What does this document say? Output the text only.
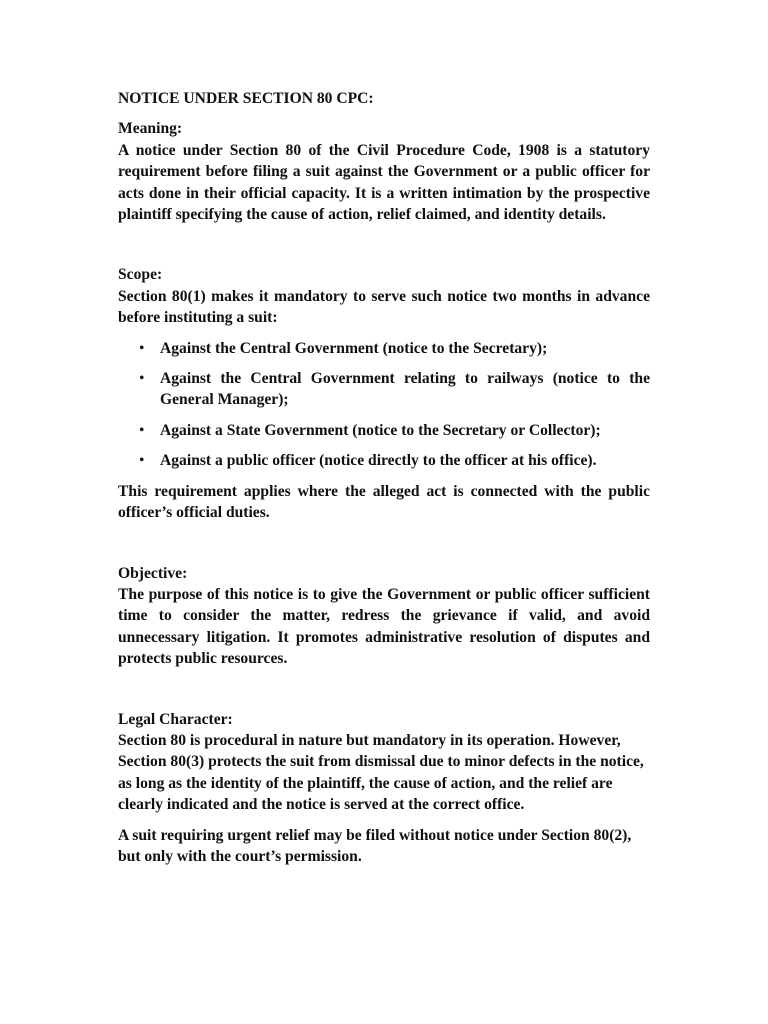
NOTICE UNDER SECTION 80 CPC:

Meaning:

A notice under Section 80 of the Civil Procedure Code, 1908 is a statutory requirement before filing a suit against the Government or a public officer for acts done in their official capacity. It is a written intimation by the prospective plaintiff specifying the cause of action, relief claimed, and identity details.

Scope:

Section 80(1) makes it mandatory to serve such notice two months in advance before instituting a suit:

• Against the Central Government (notice to the Secretary);
• Against the Central Government relating to railways (notice to the General Manager);
• Against a State Government (notice to the Secretary or Collector);
• Against a public officer (notice directly to the officer at his office).

This requirement applies where the alleged act is connected with the public officer’s official duties.

Objective:

The purpose of this notice is to give the Government or public officer sufficient time to consider the matter, redress the grievance if valid, and avoid unnecessary litigation. It promotes administrative resolution of disputes and protects public resources.

Legal Character:

Section 80 is procedural in nature but mandatory in its operation. However, Section 80(3) protects the suit from dismissal due to minor defects in the notice, as long as the identity of the plaintiff, the cause of action, and the relief are clearly indicated and the notice is served at the correct office.

A suit requiring urgent relief may be filed without notice under Section 80(2), but only with the court’s permission.
